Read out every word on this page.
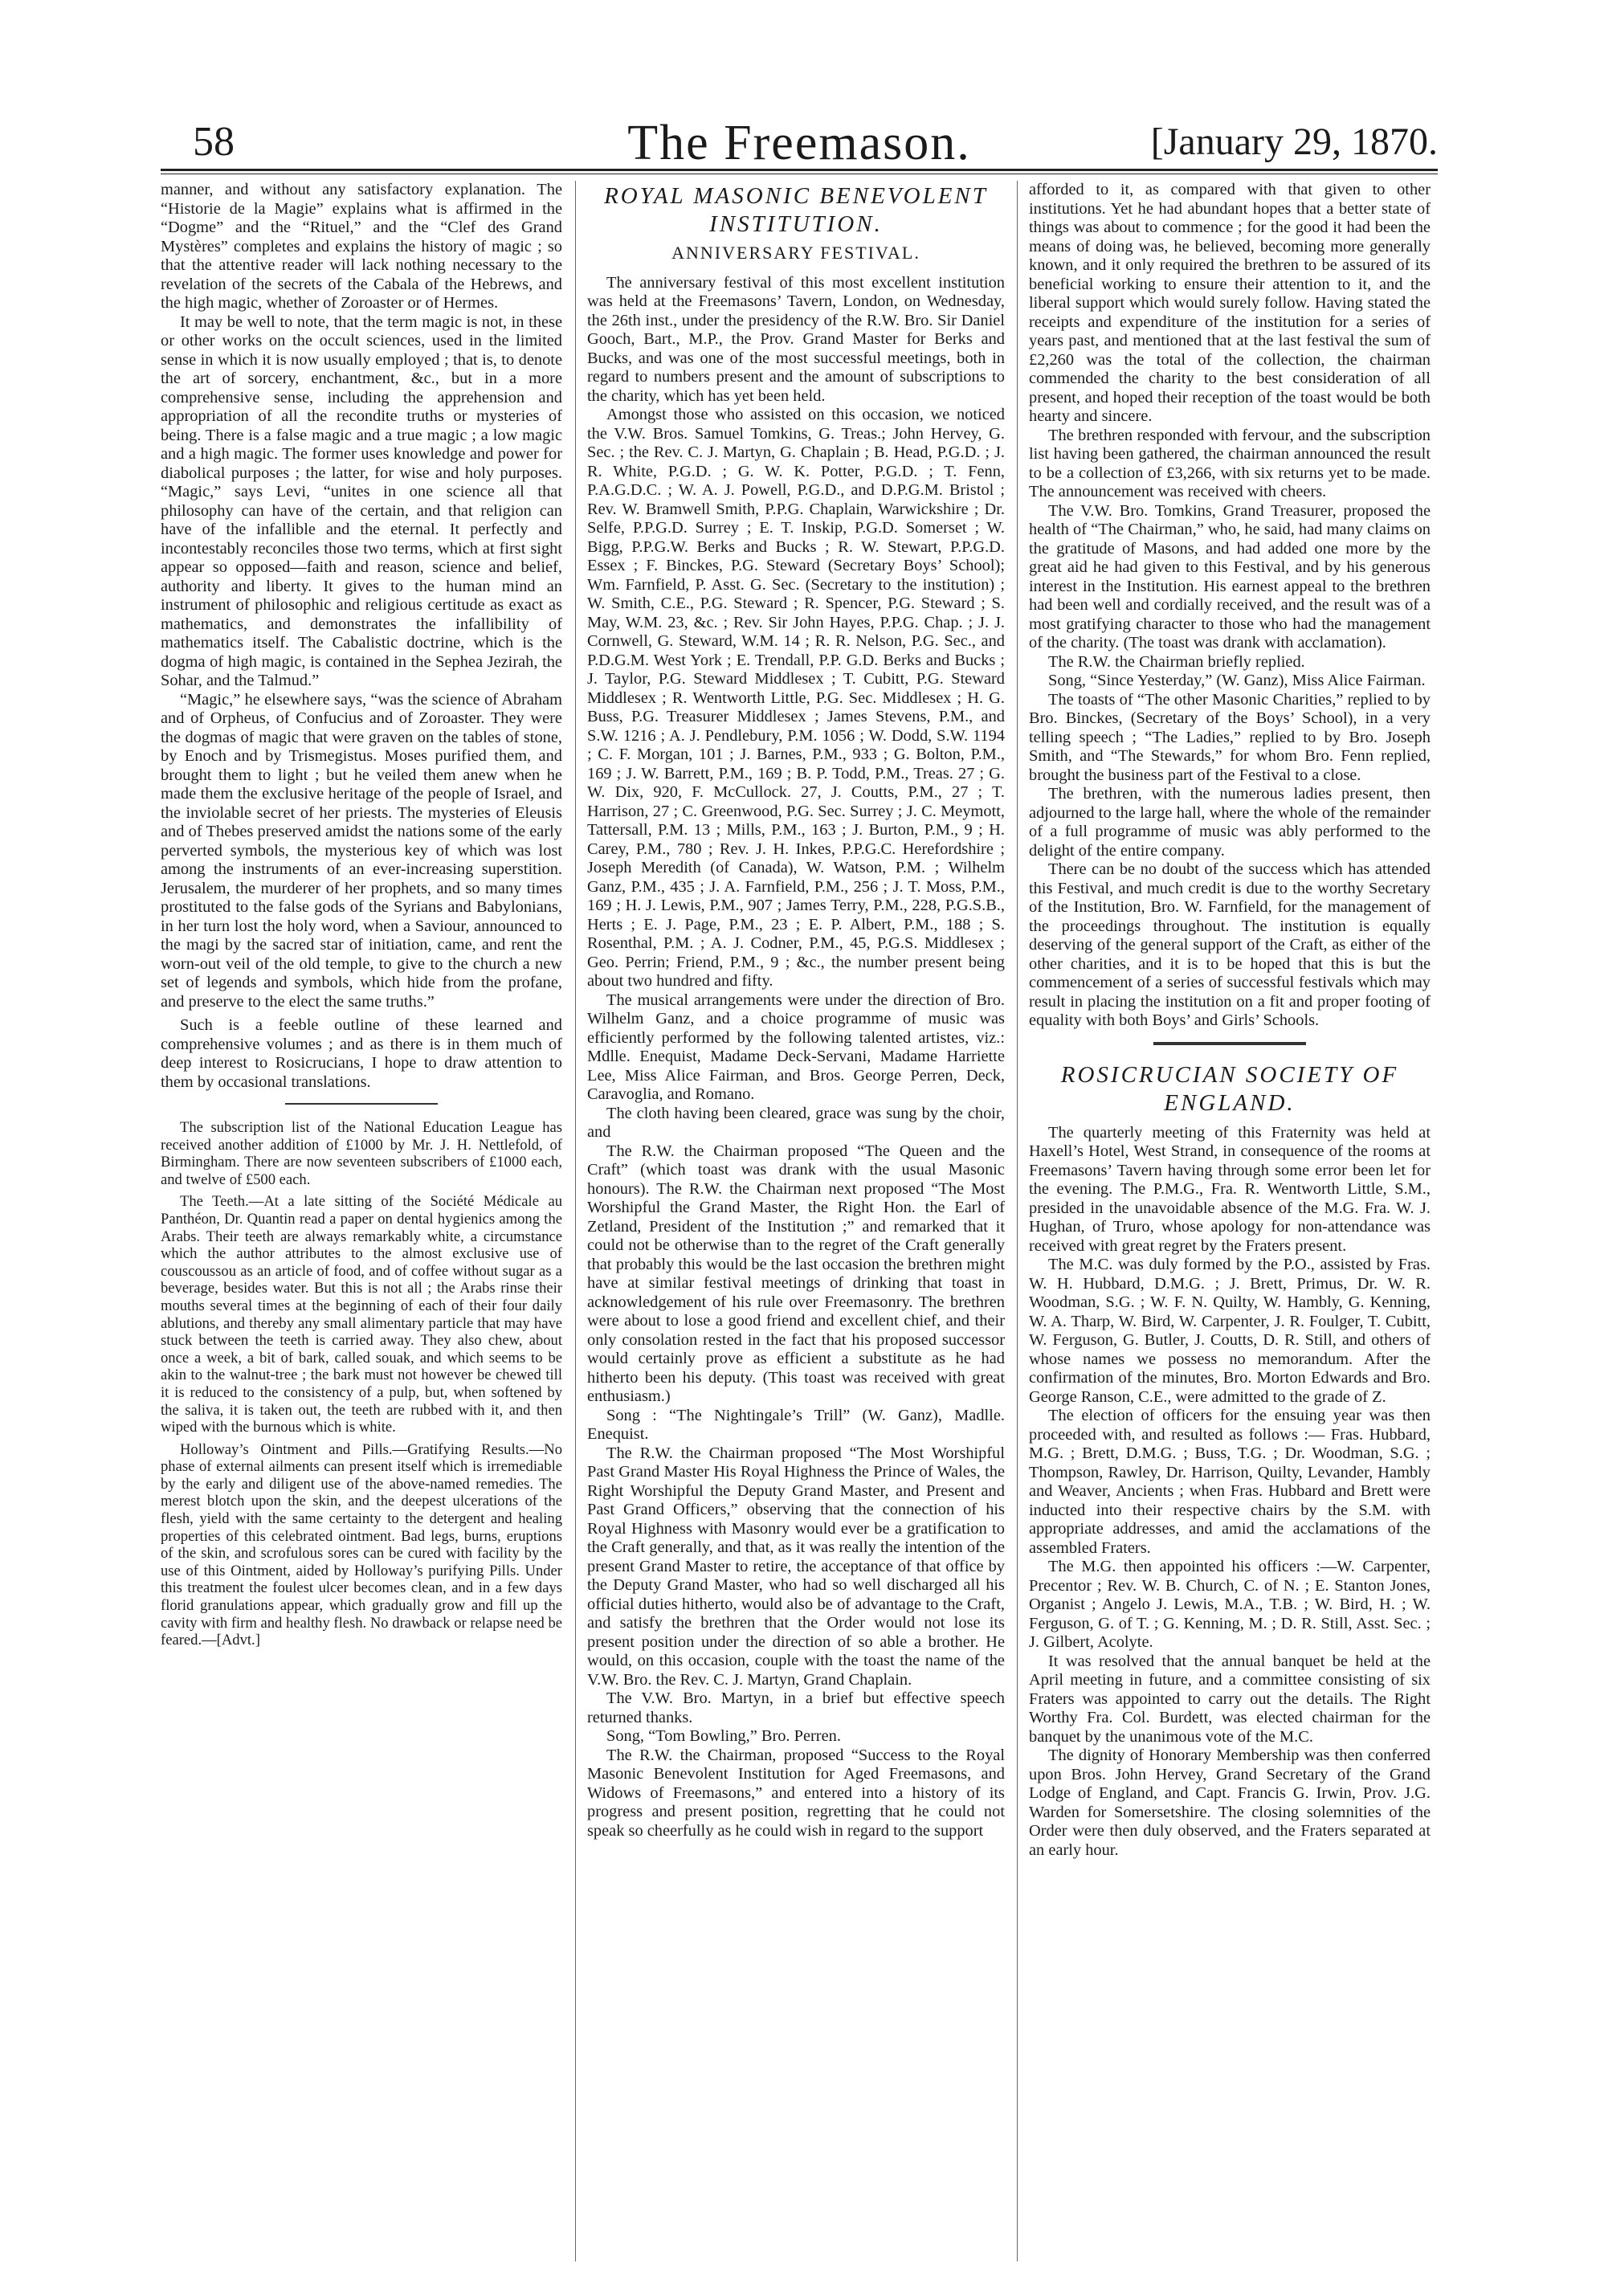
58	The Freemason.	[January 29, 1870.

manner, and without any satisfactory explanation. The “Historie de la Magie” explains what is affirmed in the “Dogme” and the “Rituel,” and the “Clef des Grand Mystères” completes and explains the history of magic ; so that the attentive reader will lack nothing necessary to the revelation of the secrets of the Cabala of the Hebrews, and the high magic, whether of Zoroaster or of Hermes.

It may be well to note, that the term magic is not, in these or other works on the occult sciences, used in the limited sense in which it is now usually employed ; that is, to denote the art of sorcery, enchantment, &c., but in a more comprehensive sense, including the apprehension and appropriation of all the recondite truths or mysteries of being. There is a false magic and a true magic ; a low magic and a high magic. The former uses knowledge and power for diabolical purposes ; the latter, for wise and holy purposes. “Magic,” says Levi, “unites in one science all that philosophy can have of the certain, and that religion can have of the infallible and the eternal. It perfectly and incontestably reconciles those two terms, which at first sight appear so opposed—faith and reason, science and belief, authority and liberty. It gives to the human mind an instrument of philosophic and religious certitude as exact as mathematics, and demonstrates the infallibility of mathematics itself. The Cabalistic doctrine, which is the dogma of high magic, is contained in the Sephea Jezirah, the Sohar, and the Talmud.”

“Magic,” he elsewhere says, “was the science of Abraham and of Orpheus, of Confucius and of Zoroaster. They were the dogmas of magic that were graven on the tables of stone, by Enoch and by Trismegistus. Moses purified them, and brought them to light ; but he veiled them anew when he made them the exclusive heritage of the people of Israel, and the inviolable secret of her priests. The mysteries of Eleusis and of Thebes preserved amidst the nations some of the early perverted symbols, the mysterious key of which was lost among the instruments of an ever-increasing superstition. Jerusalem, the murderer of her prophets, and so many times prostituted to the false gods of the Syrians and Babylonians, in her turn lost the holy word, when a Saviour, announced to the magi by the sacred star of initiation, came, and rent the worn-out veil of the old temple, to give to the church a new set of legends and symbols, which hide from the profane, and preserve to the elect the same truths.”

Such is a feeble outline of these learned and comprehensive volumes ; and as there is in them much of deep interest to Rosicrucians, I hope to draw attention to them by occasional translations.

The subscription list of the National Education League has received another addition of £1000 by Mr. J. H. Nettlefold, of Birmingham. There are now seventeen subscribers of £1000 each, and twelve of £500 each.

The Teeth.—At a late sitting of the Société Médicale au Panthéon, Dr. Quantin read a paper on dental hygienics among the Arabs. Their teeth are always remarkably white, a circumstance which the author attributes to the almost exclusive use of couscoussou as an article of food, and of coffee without sugar as a beverage, besides water. But this is not all ; the Arabs rinse their mouths several times at the beginning of each of their four daily ablutions, and thereby any small alimentary particle that may have stuck between the teeth is carried away. They also chew, about once a week, a bit of bark, called souak, and which seems to be akin to the walnut-tree ; the bark must not however be chewed till it is reduced to the consistency of a pulp, but, when softened by the saliva, it is taken out, the teeth are rubbed with it, and then wiped with the burnous which is white.

Holloway’s Ointment and Pills.—Gratifying Results.—No phase of external ailments can present itself which is irremediable by the early and diligent use of the above-named remedies. The merest blotch upon the skin, and the deepest ulcerations of the flesh, yield with the same certainty to the detergent and healing properties of this celebrated ointment. Bad legs, burns, eruptions of the skin, and scrofulous sores can be cured with facility by the use of this Ointment, aided by Holloway’s purifying Pills. Under this treatment the foulest ulcer becomes clean, and in a few days florid granulations appear, which gradually grow and fill up the cavity with firm and healthy flesh. No drawback or relapse need be feared.—[Advt.]

ROYAL MASONIC BENEVOLENT INSTITUTION.
ANNIVERSARY FESTIVAL.

The anniversary festival of this most excellent institution was held at the Freemasons’ Tavern, London, on Wednesday, the 26th inst., under the presidency of the R.W. Bro. Sir Daniel Gooch, Bart., M.P., the Prov. Grand Master for Berks and Bucks, and was one of the most successful meetings, both in regard to numbers present and the amount of subscriptions to the charity, which has yet been held.

Amongst those who assisted on this occasion, we noticed the V.W. Bros. Samuel Tomkins, G. Treas.; John Hervey, G. Sec. ; the Rev. C. J. Martyn, G. Chaplain ; B. Head, P.G.D. ; J. R. White, P.G.D. ; G. W. K. Potter, P.G.D. ; T. Fenn, P.A.G.D.C. ; W. A. J. Powell, P.G.D., and D.P.G.M. Bristol ; Rev. W. Bramwell Smith, P.P.G. Chaplain, Warwickshire ; Dr. Selfe, P.P.G.D. Surrey ; E. T. Inskip, P.G.D. Somerset ; W. Bigg, P.P.G.W. Berks and Bucks ; R. W. Stewart, P.P.G.D. Essex ; F. Binckes, P.G. Steward (Secretary Boys’ School); Wm. Farnfield, P. Asst. G. Sec. (Secretary to the institution) ; W. Smith, C.E., P.G. Steward ; R. Spencer, P.G. Steward ; S. May, W.M. 23, &c. ; Rev. Sir John Hayes, P.P.G. Chap. ; J. J. Cornwell, G. Steward, W.M. 14 ; R. R. Nelson, P.G. Sec., and P.D.G.M. West York ; E. Trendall, P.P. G.D. Berks and Bucks ; J. Taylor, P.G. Steward Middlesex ; T. Cubitt, P.G. Steward Middlesex ; R. Wentworth Little, P.G. Sec. Middlesex ; H. G. Buss, P.G. Treasurer Middlesex ; James Stevens, P.M., and S.W. 1216 ; A. J. Pendlebury, P.M. 1056 ; W. Dodd, S.W. 1194 ; C. F. Morgan, 101 ; J. Barnes, P.M., 933 ; G. Bolton, P.M., 169 ; J. W. Barrett, P.M., 169 ; B. P. Todd, P.M., Treas. 27 ; G. W. Dix, 920, F. McCullock. 27, J. Coutts, P.M., 27 ; T. Harrison, 27 ; C. Greenwood, P.G. Sec. Surrey ; J. C. Meymott, Tattersall, P.M. 13 ; Mills, P.M., 163 ; J. Burton, P.M., 9 ; H. Carey, P.M., 780 ; Rev. J. H. Inkes, P.P.G.C. Herefordshire ; Joseph Meredith (of Canada), W. Watson, P.M. ; Wilhelm Ganz, P.M., 435 ; J. A. Farnfield, P.M., 256 ; J. T. Moss, P.M., 169 ; H. J. Lewis, P.M., 907 ; James Terry, P.M., 228, P.G.S.B., Herts ; E. J. Page, P.M., 23 ; E. P. Albert, P.M., 188 ; S. Rosenthal, P.M. ; A. J. Codner, P.M., 45, P.G.S. Middlesex ; Geo. Perrin; Friend, P.M., 9 ; &c., the number present being about two hundred and fifty.

The musical arrangements were under the direction of Bro. Wilhelm Ganz, and a choice programme of music was efficiently performed by the following talented artistes, viz.: Mdlle. Enequist, Madame Deck-Servani, Madame Harriette Lee, Miss Alice Fairman, and Bros. George Perren, Deck, Caravoglia, and Romano.

The cloth having been cleared, grace was sung by the choir, and

The R.W. the Chairman proposed “The Queen and the Craft” (which toast was drank with the usual Masonic honours). The R.W. the Chairman next proposed “The Most Worshipful the Grand Master, the Right Hon. the Earl of Zetland, President of the Institution ;” and remarked that it could not be otherwise than to the regret of the Craft generally that probably this would be the last occasion the brethren might have at similar festival meetings of drinking that toast in acknowledgement of his rule over Freemasonry. The brethren were about to lose a good friend and excellent chief, and their only consolation rested in the fact that his proposed successor would certainly prove as efficient a substitute as he had hitherto been his deputy. (This toast was received with great enthusiasm.)

Song : “The Nightingale’s Trill” (W. Ganz), Madlle. Enequist.

The R.W. the Chairman proposed “The Most Worshipful Past Grand Master His Royal Highness the Prince of Wales, the Right Worshipful the Deputy Grand Master, and Present and Past Grand Officers,” observing that the connection of his Royal Highness with Masonry would ever be a gratification to the Craft generally, and that, as it was really the intention of the present Grand Master to retire, the acceptance of that office by the Deputy Grand Master, who had so well discharged all his official duties hitherto, would also be of advantage to the Craft, and satisfy the brethren that the Order would not lose its present position under the direction of so able a brother. He would, on this occasion, couple with the toast the name of the V.W. Bro. the Rev. C. J. Martyn, Grand Chaplain.

The V.W. Bro. Martyn, in a brief but effective speech returned thanks.

Song, “Tom Bowling,” Bro. Perren.

The R.W. the Chairman, proposed “Success to the Royal Masonic Benevolent Institution for Aged Freemasons, and Widows of Freemasons,” and entered into a history of its progress and present position, regretting that he could not speak so cheerfully as he could wish in regard to the support

afforded to it, as compared with that given to other institutions. Yet he had abundant hopes that a better state of things was about to commence ; for the good it had been the means of doing was, he believed, becoming more generally known, and it only required the brethren to be assured of its beneficial working to ensure their attention to it, and the liberal support which would surely follow. Having stated the receipts and expenditure of the institution for a series of years past, and mentioned that at the last festival the sum of £2,260 was the total of the collection, the chairman commended the charity to the best consideration of all present, and hoped their reception of the toast would be both hearty and sincere.

The brethren responded with fervour, and the subscription list having been gathered, the chairman announced the result to be a collection of £3,266, with six returns yet to be made. The announcement was received with cheers.

The V.W. Bro. Tomkins, Grand Treasurer, proposed the health of “The Chairman,” who, he said, had many claims on the gratitude of Masons, and had added one more by the great aid he had given to this Festival, and by his generous interest in the Institution. His earnest appeal to the brethren had been well and cordially received, and the result was of a most gratifying character to those who had the management of the charity. (The toast was drank with acclamation).

The R.W. the Chairman briefly replied.

Song, “Since Yesterday,” (W. Ganz), Miss Alice Fairman.

The toasts of “The other Masonic Charities,” replied to by Bro. Binckes, (Secretary of the Boys’ School), in a very telling speech ; “The Ladies,” replied to by Bro. Joseph Smith, and “The Stewards,” for whom Bro. Fenn replied, brought the business part of the Festival to a close.

The brethren, with the numerous ladies present, then adjourned to the large hall, where the whole of the remainder of a full programme of music was ably performed to the delight of the entire company.

There can be no doubt of the success which has attended this Festival, and much credit is due to the worthy Secretary of the Institution, Bro. W. Farnfield, for the management of the proceedings throughout. The institution is equally deserving of the general support of the Craft, as either of the other charities, and it is to be hoped that this is but the commencement of a series of successful festivals which may result in placing the institution on a fit and proper footing of equality with both Boys’ and Girls’ Schools.

ROSICRUCIAN SOCIETY OF ENGLAND.

The quarterly meeting of this Fraternity was held at Haxell’s Hotel, West Strand, in consequence of the rooms at Freemasons’ Tavern having through some error been let for the evening. The P.M.G., Fra. R. Wentworth Little, S.M., presided in the unavoidable absence of the M.G. Fra. W. J. Hughan, of Truro, whose apology for non-attendance was received with great regret by the Fraters present.

The M.C. was duly formed by the P.O., assisted by Fras. W. H. Hubbard, D.M.G. ; J. Brett, Primus, Dr. W. R. Woodman, S.G. ; W. F. N. Quilty, W. Hambly, G. Kenning, W. A. Tharp, W. Bird, W. Carpenter, J. R. Foulger, T. Cubitt, W. Ferguson, G. Butler, J. Coutts, D. R. Still, and others of whose names we possess no memorandum. After the confirmation of the minutes, Bro. Morton Edwards and Bro. George Ranson, C.E., were admitted to the grade of Z.

The election of officers for the ensuing year was then proceeded with, and resulted as follows :— Fras. Hubbard, M.G. ; Brett, D.M.G. ; Buss, T.G. ; Dr. Woodman, S.G. ; Thompson, Rawley, Dr. Harrison, Quilty, Levander, Hambly and Weaver, Ancients ; when Fras. Hubbard and Brett were inducted into their respective chairs by the S.M. with appropriate addresses, and amid the acclamations of the assembled Fraters.

The M.G. then appointed his officers :—W. Carpenter, Precentor ; Rev. W. B. Church, C. of N. ; E. Stanton Jones, Organist ; Angelo J. Lewis, M.A., T.B. ; W. Bird, H. ; W. Ferguson, G. of T. ; G. Kenning, M. ; D. R. Still, Asst. Sec. ; J. Gilbert, Acolyte.

It was resolved that the annual banquet be held at the April meeting in future, and a committee consisting of six Fraters was appointed to carry out the details. The Right Worthy Fra. Col. Burdett, was elected chairman for the banquet by the unanimous vote of the M.C.

The dignity of Honorary Membership was then conferred upon Bros. John Hervey, Grand Secretary of the Grand Lodge of England, and Capt. Francis G. Irwin, Prov. J.G. Warden for Somersetshire. The closing solemnities of the Order were then duly observed, and the Fraters separated at an early hour.
